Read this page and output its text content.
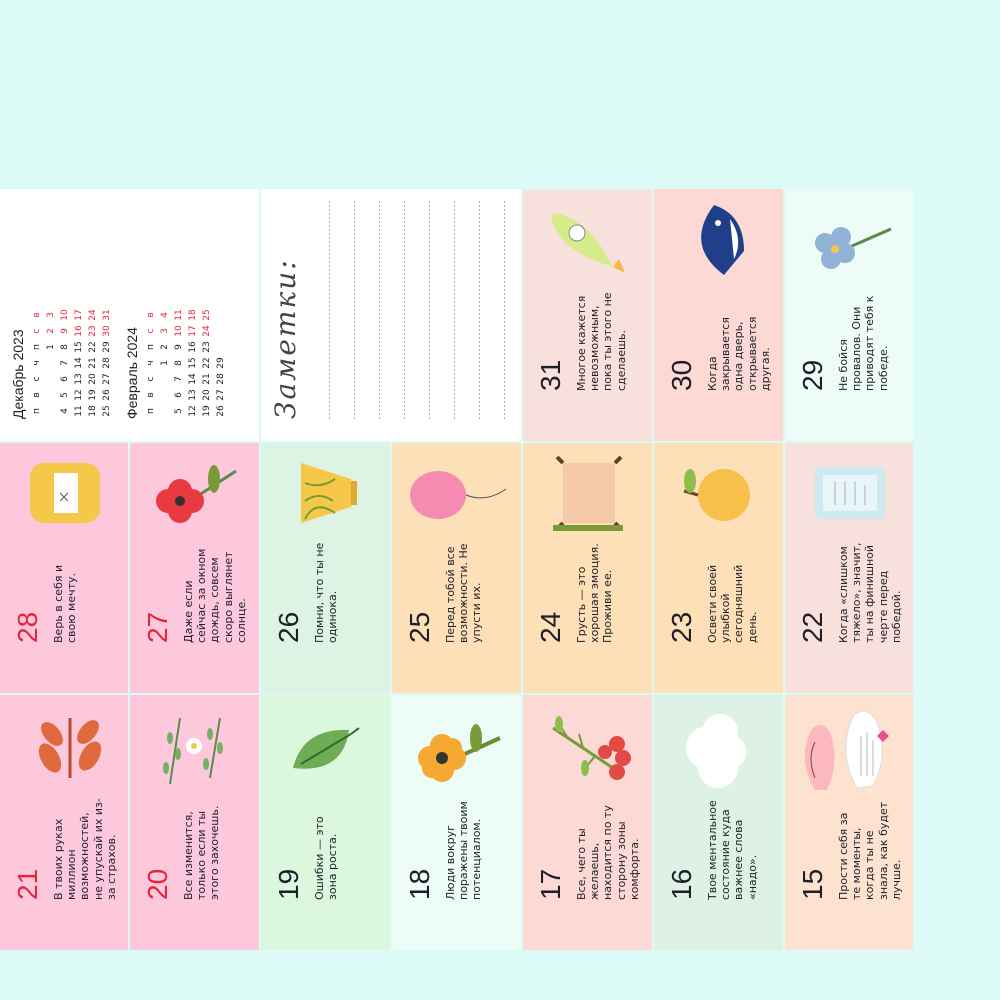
21 В твоих руках миллион возможностей, не упускай их из-за страхов.
28 Верь в себя и свою мечту.
Декабрь 2023 п	в	с	ч	п	с	в
				1	2	3
4	5	6	7	8	9	10
11	12	13	14	15	16	17
18	19	20	21	22	23	24
25	26	27	28	29	30	31
Февраль 2024 п	в	с	ч	п	с	в
			1	2	3	4
5	6	7	8	9	10	11
12	13	14	15	16	17	18
19	20	21	22	23	24	25
26	27	28	29			
20 Все изменится, только если ты этого захочешь.
27 Даже если сейчас за окном дождь, совсем скоро выглянет солнце.
19 Ошибки — это зона роста.
26 Помни, что ты не одинока.
Заметки:
18 Люди вокруг поражены твоим потенциалом.
25 Перед тобой все возможности. Не упусти их.
17 Все, чего ты желаешь, находится по ту сторону зоны комфорта.
24 Грусть — это хорошая эмоция. Проживи ее.
16 Твое ментальное состояние куда важнее слова «надо».
23 Освети своей улыбкой сегодняшний день.
30 Когда закрывается одна дверь, открывается другая.
15 Прости себя за те моменты, когда ты не знала, как будет лучше.
22 Когда «слишком тяжело», значит, ты на финишной черте перед победой.
29 Не бойся провалов. Они приводят тебя к победе.
31 Многое кажется невозможным, пока ты этого не сделаешь.
